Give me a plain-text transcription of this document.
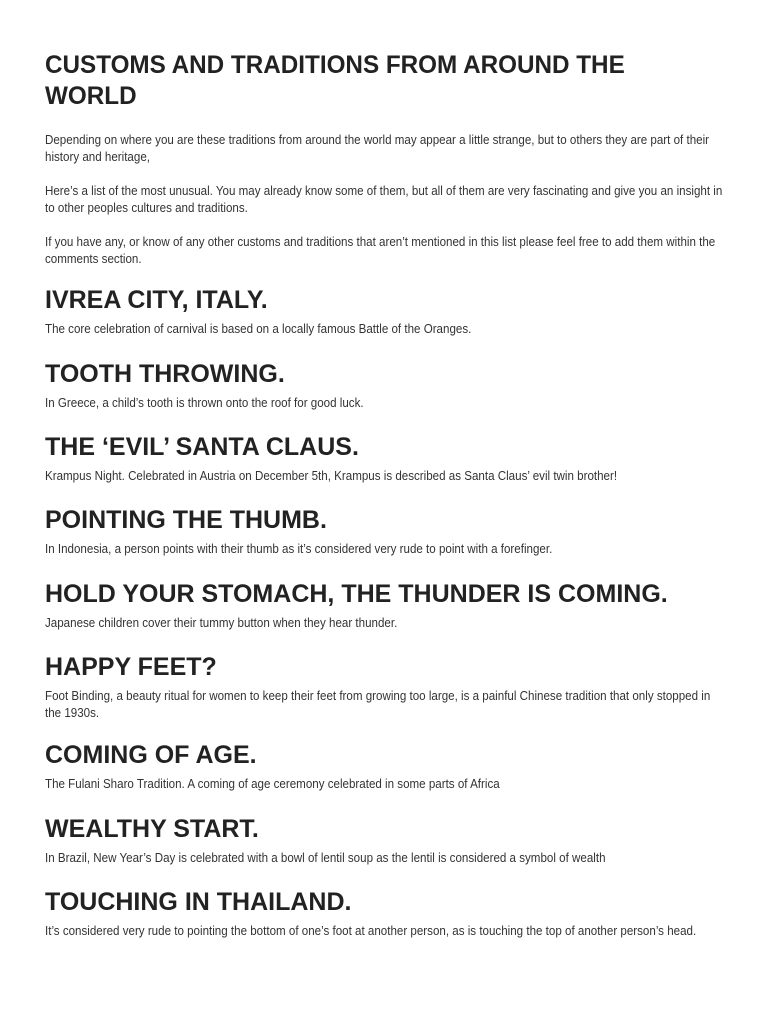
CUSTOMS AND TRADITIONS FROM AROUND THE WORLD

Depending on where you are these traditions from around the world may appear a little strange, but to others they are part of their history and heritage,

Here’s a list of the most unusual. You may already know some of them, but all of them are very fascinating and give you an insight in to other peoples cultures and traditions.

If you have any, or know of any other customs and traditions that aren’t mentioned in this list please feel free to add them within the comments section.

IVREA CITY, ITALY.

The core celebration of carnival is based on a locally famous Battle of the Oranges.

TOOTH THROWING.

In Greece, a child’s tooth is thrown onto the roof for good luck.

THE ‘EVIL’ SANTA CLAUS.

Krampus Night. Celebrated in Austria on December 5th, Krampus is described as Santa Claus’ evil twin brother!

POINTING THE THUMB.

In Indonesia, a person points with their thumb as it’s considered very rude to point with a forefinger.

HOLD YOUR STOMACH, THE THUNDER IS COMING.

Japanese children cover their tummy button when they hear thunder.

HAPPY FEET?

Foot Binding, a beauty ritual for women to keep their feet from growing too large, is a painful Chinese tradition that only stopped in the 1930s.

COMING OF AGE.

The Fulani Sharo Tradition. A coming of age ceremony celebrated in some parts of Africa

WEALTHY START.

In Brazil, New Year’s Day is celebrated with a bowl of lentil soup as the lentil is considered a symbol of wealth

TOUCHING IN THAILAND.

It’s considered very rude to pointing the bottom of one’s foot at another person, as is touching the top of another person’s head.
